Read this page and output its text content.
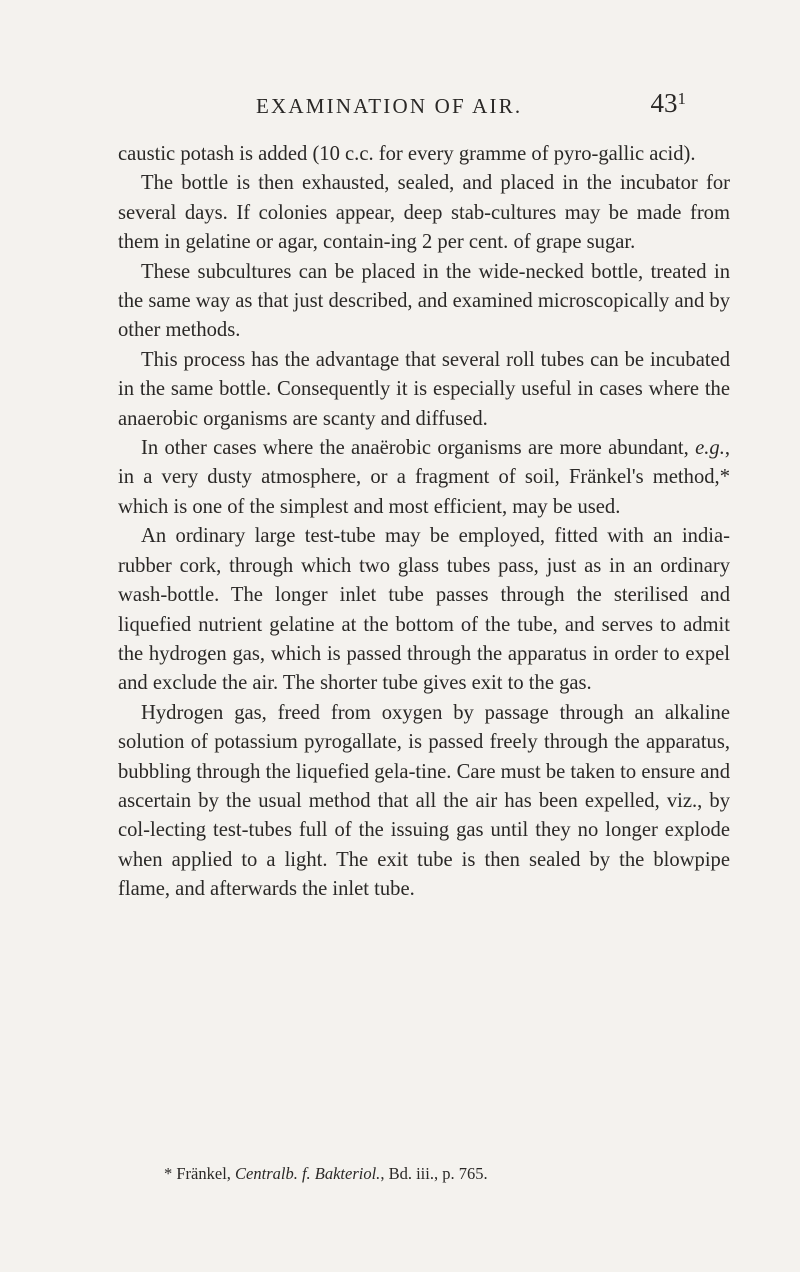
EXAMINATION OF AIR.	$43^1$

caustic potash is added (10 c.c. for every gramme of pyro-gallic acid).

The bottle is then exhausted, sealed, and placed in the incubator for several days. If colonies appear, deep stab-cultures may be made from them in gelatine or agar, contain-ing 2 per cent. of grape sugar.

These subcultures can be placed in the wide-necked bottle, treated in the same way as that just described, and examined microscopically and by other methods.

This process has the advantage that several roll tubes can be incubated in the same bottle. Consequently it is especially useful in cases where the anaerobic organisms are scanty and diffused.

In other cases where the anaërobic organisms are more abundant, e.g., in a very dusty atmosphere, or a fragment of soil, Fränkel's method,* which is one of the simplest and most efficient, may be used.

An ordinary large test-tube may be employed, fitted with an india-rubber cork, through which two glass tubes pass, just as in an ordinary wash-bottle. The longer inlet tube passes through the sterilised and liquefied nutrient gelatine at the bottom of the tube, and serves to admit the hydrogen gas, which is passed through the apparatus in order to expel and exclude the air. The shorter tube gives exit to the gas.

Hydrogen gas, freed from oxygen by passage through an alkaline solution of potassium pyrogallate, is passed freely through the apparatus, bubbling through the liquefied gela-tine. Care must be taken to ensure and ascertain by the usual method that all the air has been expelled, viz., by col-lecting test-tubes full of the issuing gas until they no longer explode when applied to a light. The exit tube is then sealed by the blowpipe flame, and afterwards the inlet tube.

* Fränkel, Centralb. f. Bakteriol., Bd. iii., p. 765.
